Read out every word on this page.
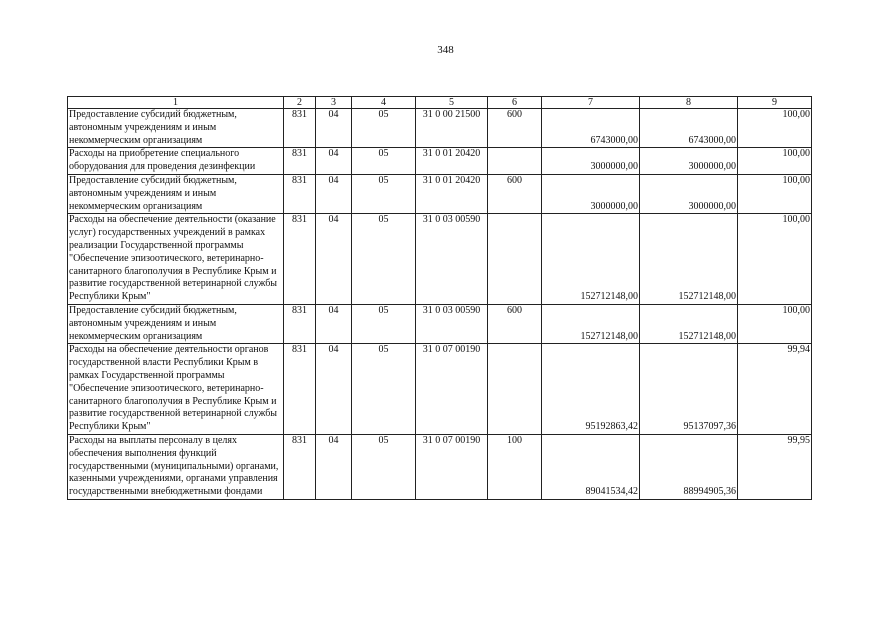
348
1	2	3	4	5	6	7	8	9
Предоставление субсидий бюджетным, автономным учреждениям и иным некоммерческим организациям	831	04	05	31 0 00 21500	600	6743000,00	6743000,00	100,00
Расходы на приобретение специального оборудования для проведения дезинфекции	831	04	05	31 0 01 20420		3000000,00	3000000,00	100,00
Предоставление субсидий бюджетным, автономным учреждениям и иным некоммерческим организациям	831	04	05	31 0 01 20420	600	3000000,00	3000000,00	100,00
Расходы на обеспечение деятельности (оказание услуг) государственных учреждений в рамках реализации Государственной программы "Обеспечение эпизоотического, ветеринарно-санитарного благополучия в Республике Крым и развитие государственной ветеринарной службы Республики Крым"	831	04	05	31 0 03 00590		152712148,00	152712148,00	100,00
Предоставление субсидий бюджетным, автономным учреждениям и иным некоммерческим организациям	831	04	05	31 0 03 00590	600	152712148,00	152712148,00	100,00
Расходы на обеспечение деятельности органов государственной власти Республики Крым в рамках Государственной программы "Обеспечение эпизоотического, ветеринарно-санитарного благополучия в Республике Крым и развитие государственной ветеринарной службы Республики Крым"	831	04	05	31 0 07 00190		95192863,42	95137097,36	99,94
Расходы на выплаты персоналу в целях обеспечения выполнения функций государственными (муниципальными) органами, казенными учреждениями, органами управления государственными внебюджетными фондами	831	04	05	31 0 07 00190	100	89041534,42	88994905,36	99,95
